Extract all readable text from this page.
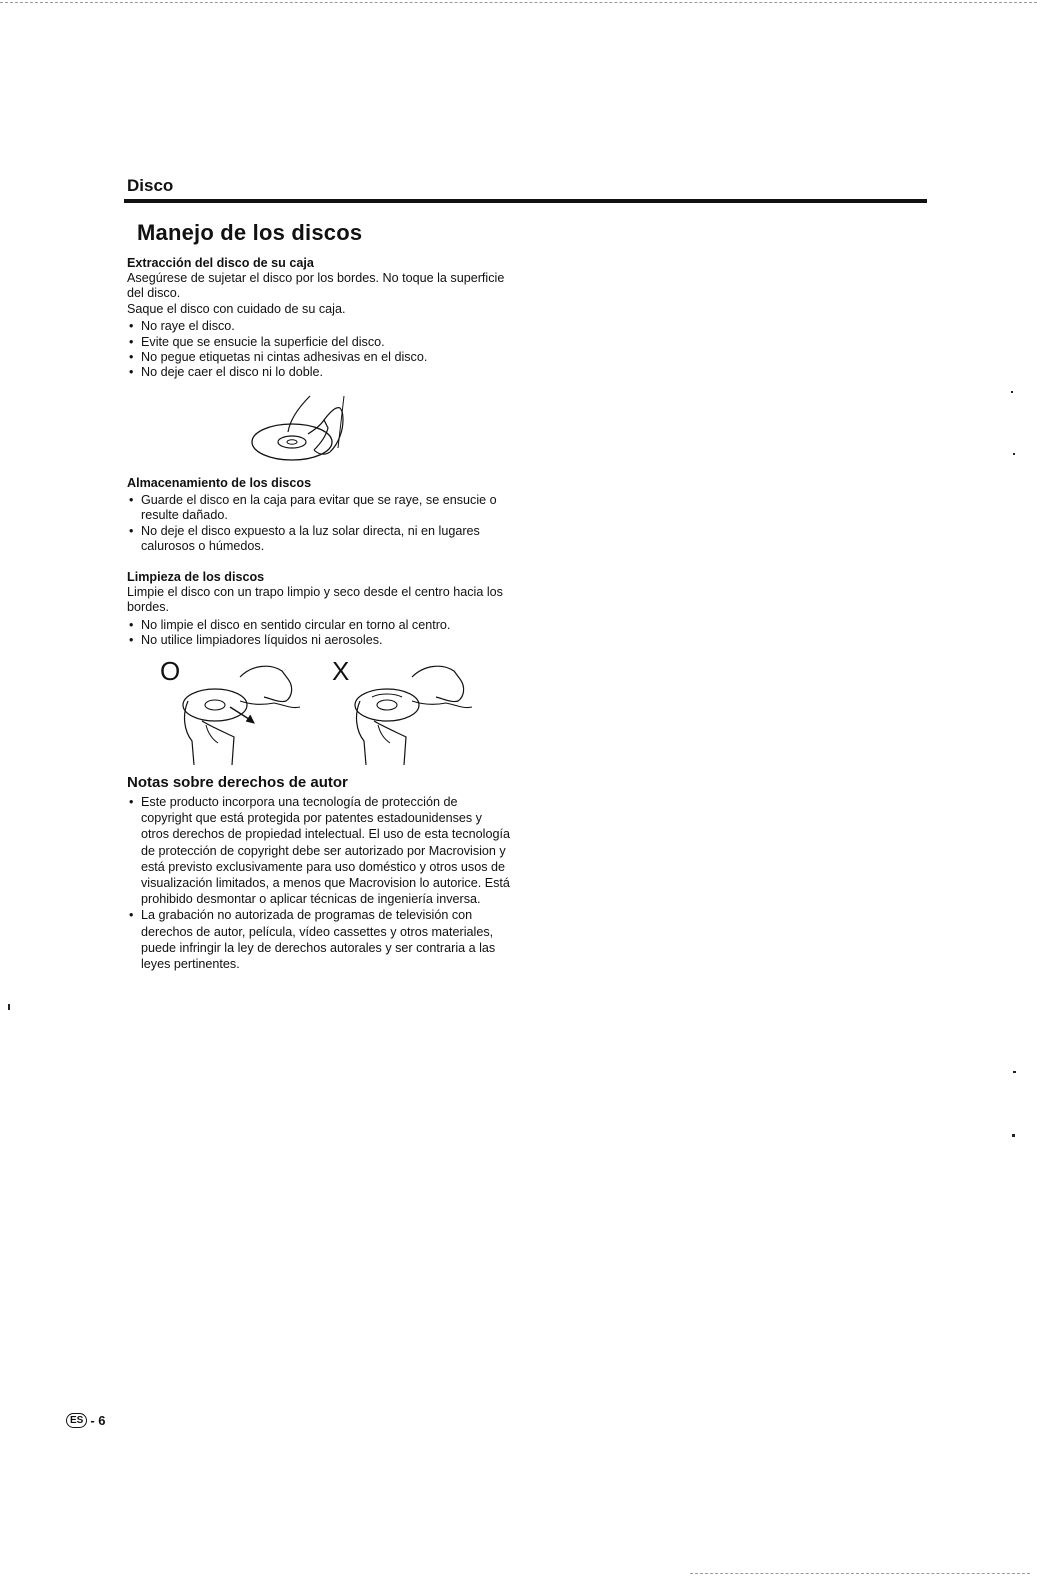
Disco
Manejo de los discos
Extracción del disco de su caja

Asegúrese de sujetar el disco por los bordes. No toque la superficie del disco.

Saque el disco con cuidado de su caja.

• No raye el disco.
• Evite que se ensucie la superficie del disco.
• No pegue etiquetas ni cintas adhesivas en el disco.
• No deje caer el disco ni lo doble.
Almacenamiento de los discos
• Guarde el disco en la caja para evitar que se raye, se ensucie o resulte dañado.
• No deje el disco expuesto a la luz solar directa, ni en lugares calurosos o húmedos.
Limpieza de los discos

Limpie el disco con un trapo limpio y seco desde el centro hacia los bordes.

• No limpie el disco en sentido circular en torno al centro.
• No utilice limpiadores líquidos ni aerosoles.
O	X
Notas sobre derechos de autor
• Este producto incorpora una tecnología de protección de copyright que está protegida por patentes estadounidenses y otros derechos de propiedad intelectual. El uso de esta tecnología de protección de copyright debe ser autorizado por Macrovision y está previsto exclusivamente para uso doméstico y otros usos de visualización limitados, a menos que Macrovision lo autorice. Está prohibido desmontar o aplicar técnicas de ingeniería inversa.
• La grabación no autorizada de programas de televisión con derechos de autor, película, vídeo cassettes y otros materiales, puede infringir la ley de derechos autorales y ser contraria a las leyes pertinentes.
ES - 6
